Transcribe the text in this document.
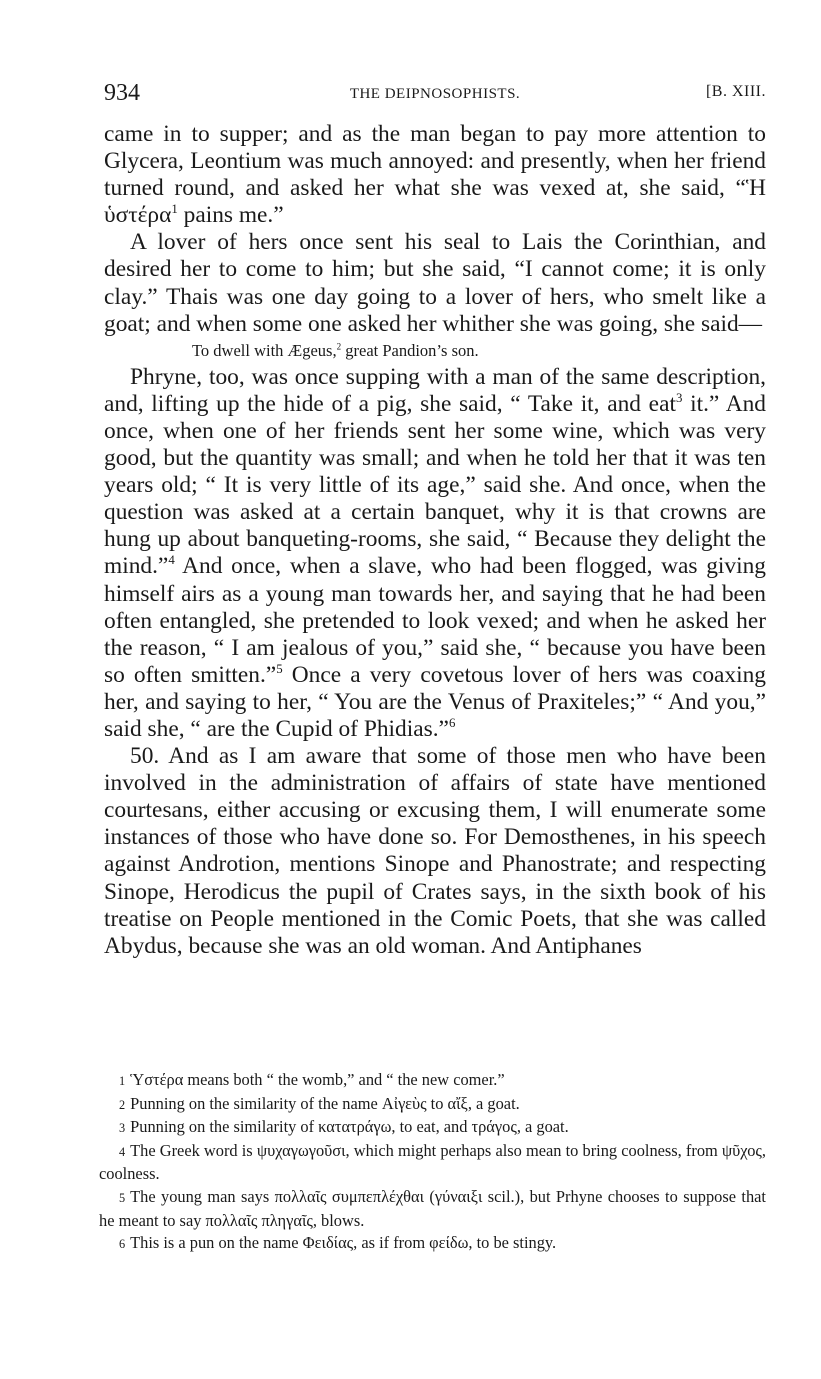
934	THE DEIPNOSOPHISTS.	[B. XIII.

came in to supper; and as the man began to pay more attention to Glycera, Leontium was much annoyed: and presently, when her friend turned round, and asked her what she was vexed at, she said, “Ἡ ὑστέρα$^1$ pains me.”

A lover of hers once sent his seal to Lais the Corinthian, and desired her to come to him; but she said, “I cannot come; it is only clay.” Thais was one day going to a lover of hers, who smelt like a goat; and when some one asked her whither she was going, she said—

To dwell with Ægeus,$^2$ great Pandion’s son.

Phryne, too, was once supping with a man of the same description, and, lifting up the hide of a pig, she said, “ Take it, and eat$^3$ it.” And once, when one of her friends sent her some wine, which was very good, but the quantity was small; and when he told her that it was ten years old; “ It is very little of its age,” said she. And once, when the question was asked at a certain banquet, why it is that crowns are hung up about banqueting-rooms, she said, “ Because they delight the mind.”$^4$ And once, when a slave, who had been flogged, was giving himself airs as a young man towards her, and saying that he had been often entangled, she pretended to look vexed; and when he asked her the reason, “ I am jealous of you,” said she, “ because you have been so often smitten.”$^5$ Once a very covetous lover of hers was coaxing her, and saying to her, “ You are the Venus of Praxiteles;” “ And you,” said she, “ are the Cupid of Phidias.”$^6$

50. And as I am aware that some of those men who have been involved in the administration of affairs of state have mentioned courtesans, either accusing or excusing them, I will enumerate some instances of those who have done so. For Demosthenes, in his speech against Androtion, mentions Sinope and Phanostrate; and respecting Sinope, Herodicus the pupil of Crates says, in the sixth book of his treatise on People mentioned in the Comic Poets, that she was called Abydus, because she was an old woman. And Antiphanes

1 Ὑστέρα means both “ the womb,” and “ the new comer.”

2 Punning on the similarity of the name Αἰγεὺς to αἴξ, a goat.

3 Punning on the similarity of κατατράγω, to eat, and τράγος, a goat.

4 The Greek word is ψυχαγωγοῦσι, which might perhaps also mean to bring coolness, from ψῦχος, coolness.

5 The young man says πολλαῖς συμπεπλέχθαι (γύναιξι scil.), but Prhyne chooses to suppose that he meant to say πολλαῖς πληγαῖς, blows.

6 This is a pun on the name Φειδίας, as if from φείδω, to be stingy.
